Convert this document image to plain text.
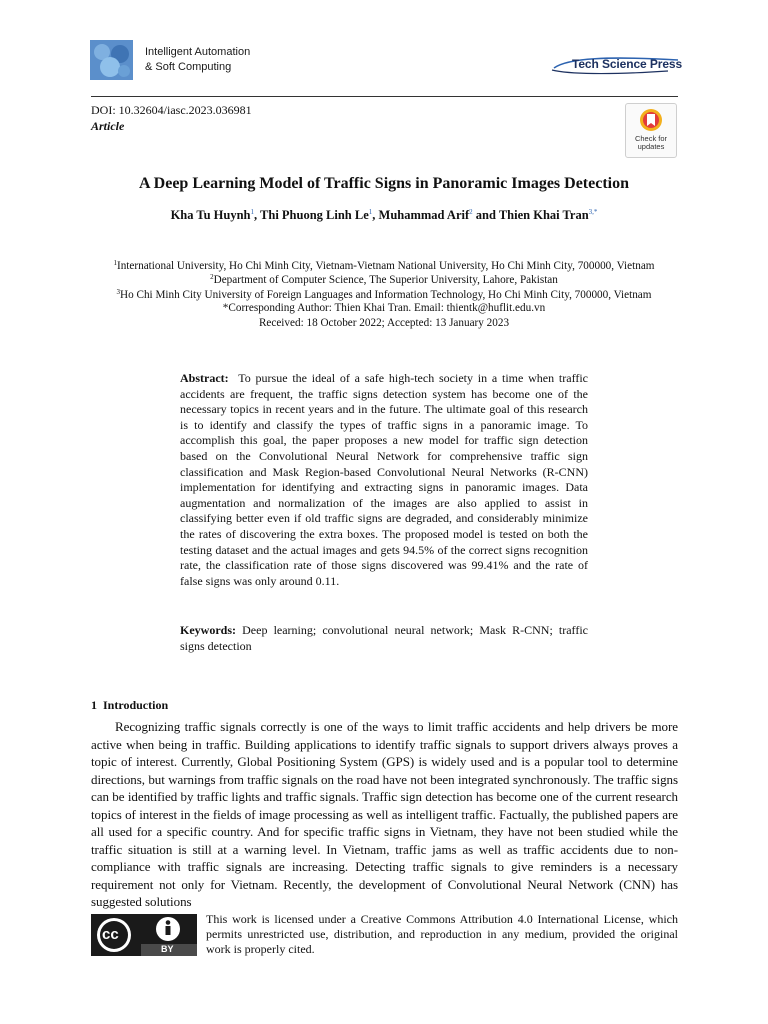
Intelligent Automation
& Soft Computing	Tech Science Press
DOI: 10.32604/iasc.2023.036981
Article
Check for
updates
A Deep Learning Model of Traffic Signs in Panoramic Images Detection
Kha Tu Huynh$^1$, Thi Phuong Linh Le$^1$, Muhammad Arif$^2$ and Thien Khai Tran$^{3,*}$
$^1$International University, Ho Chi Minh City, Vietnam-Vietnam National University, Ho Chi Minh City, 700000, Vietnam
$^2$Department of Computer Science, The Superior University, Lahore, Pakistan
$^3$Ho Chi Minh City University of Foreign Languages and Information Technology, Ho Chi Minh City, 700000, Vietnam
*Corresponding Author: Thien Khai Tran. Email: thientk@huflit.edu.vn
Received: 18 October 2022; Accepted: 13 January 2023
Abstract: To pursue the ideal of a safe high-tech society in a time when traffic accidents are frequent, the traffic signs detection system has become one of the necessary topics in recent years and in the future. The ultimate goal of this research is to identify and classify the types of traffic signs in a panoramic image. To accomplish this goal, the paper proposes a new model for traffic sign detection based on the Convolutional Neural Network for comprehensive traffic sign classification and Mask Region-based Convolutional Neural Networks (R-CNN) implementation for identifying and extracting signs in panoramic images. Data augmentation and normalization of the images are also applied to assist in classifying better even if old traffic signs are degraded, and considerably minimize the rates of discovering the extra boxes. The proposed model is tested on both the testing dataset and the actual images and gets 94.5% of the correct signs recognition rate, the classification rate of those signs discovered was 99.41% and the rate of false signs was only around 0.11.
Keywords: Deep learning; convolutional neural network; Mask R-CNN; traffic signs detection
1 Introduction
Recognizing traffic signals correctly is one of the ways to limit traffic accidents and help drivers be more active when being in traffic. Building applications to identify traffic signals to support drivers always proves a topic of interest. Currently, Global Positioning System (GPS) is widely used and is a popular tool to determine directions, but warnings from traffic signals on the road have not been integrated synchronously. The traffic signs can be identified by traffic lights and traffic signals. Traffic sign detection has become one of the current research topics of interest in the fields of image processing as well as intelligent traffic. Factually, the published papers are all used for a specific country. And for specific traffic signs in Vietnam, they have not been studied while the traffic situation is still at a warning level. In Vietnam, traffic jams as well as traffic accidents due to non-compliance with traffic signals are increasing. Detecting traffic signals to give reminders is a necessary requirement not only for Vietnam. Recently, the development of Convolutional Neural Network (CNN) has suggested solutions
cc
BY
This work is licensed under a Creative Commons Attribution 4.0 International License, which permits unrestricted use, distribution, and reproduction in any medium, provided the original work is properly cited.
